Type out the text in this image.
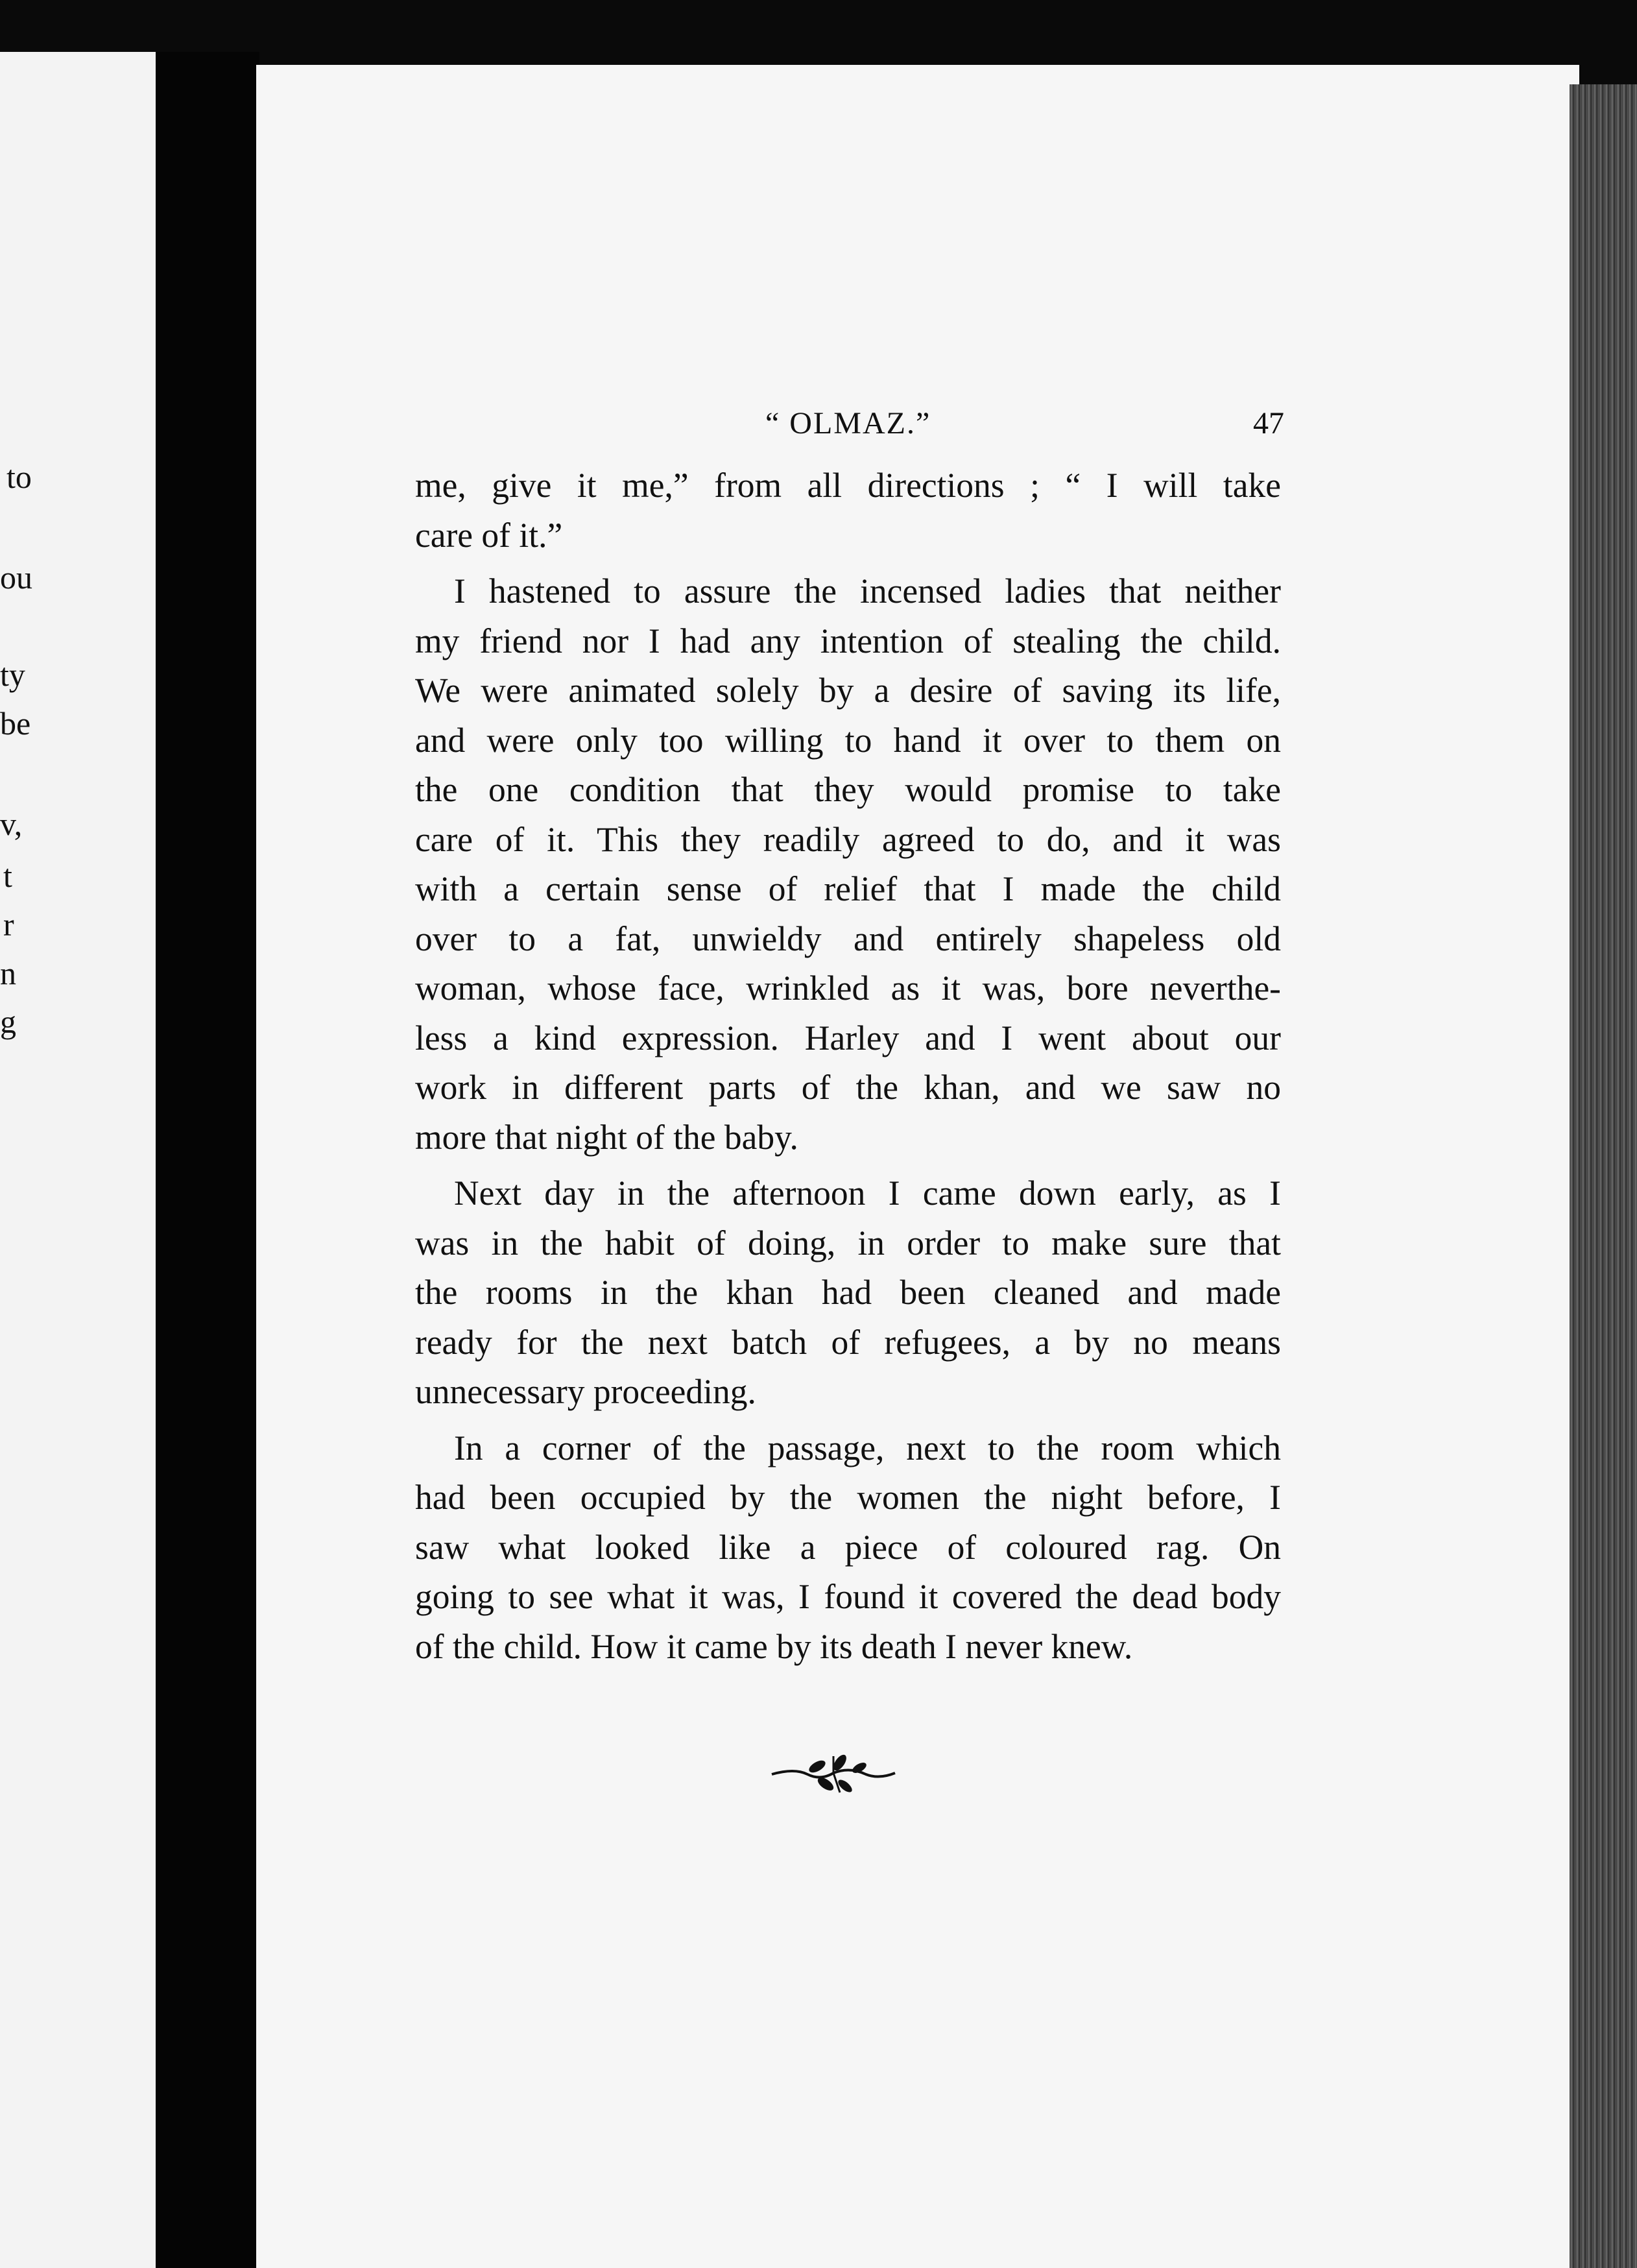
to
ou
ty
be
v,
t
r
n
g
“ OLMAZ.”	47
me, give it me,” from all directions ; “ I will take
care of it.”
I hastened to assure the incensed ladies that neither
my friend nor I had any intention of stealing the child.
We were animated solely by a desire of saving its life,
and were only too willing to hand it over to them on
the one condition that they would promise to take
care of it. This they readily agreed to do, and it was
with a certain sense of relief that I made the child
over to a fat, unwieldy and entirely shapeless old
woman, whose face, wrinkled as it was, bore neverthe-
less a kind expression. Harley and I went about our
work in different parts of the khan, and we saw no
more that night of the baby.
Next day in the afternoon I came down early, as I
was in the habit of doing, in order to make sure that
the rooms in the khan had been cleaned and made
ready for the next batch of refugees, a by no means
unnecessary proceeding.
In a corner of the passage, next to the room which
had been occupied by the women the night before, I
saw what looked like a piece of coloured rag. On
going to see what it was, I found it covered the dead body
of the child. How it came by its death I never knew.
